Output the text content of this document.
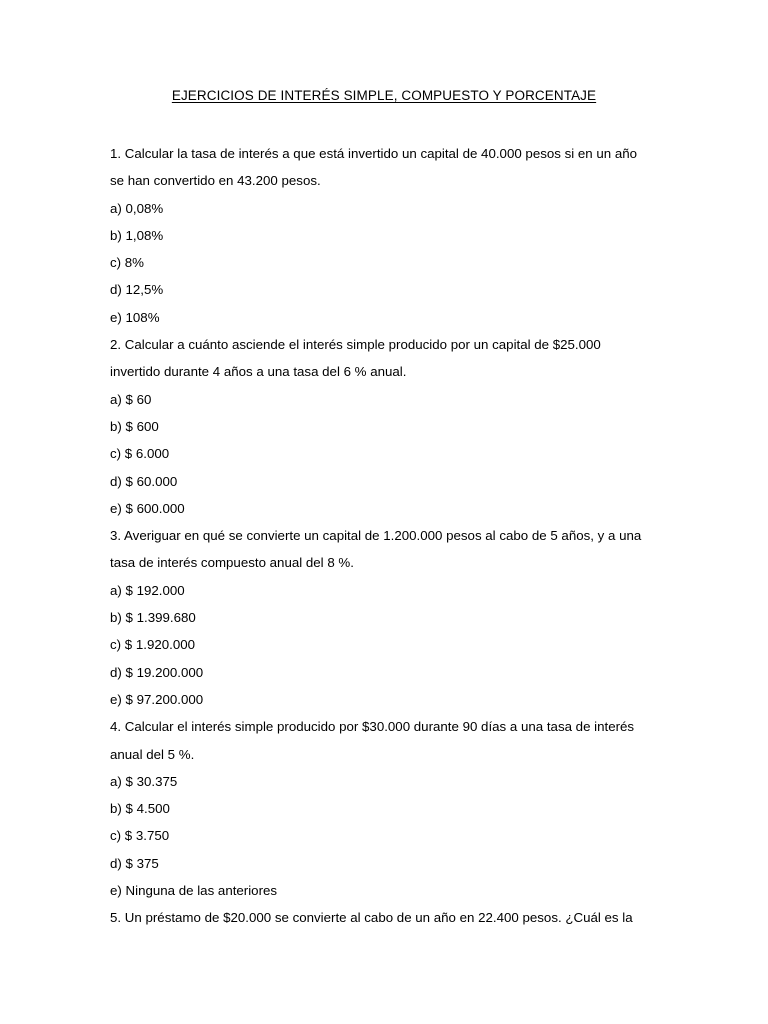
EJERCICIOS DE INTERÉS SIMPLE, COMPUESTO Y PORCENTAJE
1. Calcular la tasa de interés a que está invertido un capital de 40.000 pesos si en un año
se han convertido en 43.200 pesos.
a) 0,08%
b) 1,08%
c) 8%
d) 12,5%
e) 108%
2. Calcular a cuánto asciende el interés simple producido por un capital de $25.000
invertido durante 4 años a una tasa del 6 % anual.
a) $ 60
b) $ 600
c) $ 6.000
d) $ 60.000
e) $ 600.000
3. Averiguar en qué se convierte un capital de 1.200.000 pesos al cabo de 5 años, y a una
tasa de interés compuesto anual del 8 %.
a) $ 192.000
b) $ 1.399.680
c) $ 1.920.000
d) $ 19.200.000
e) $ 97.200.000
4. Calcular el interés simple producido por $30.000 durante 90 días a una tasa de interés
anual del 5 %.
a) $ 30.375
b) $ 4.500
c) $ 3.750
d) $ 375
e) Ninguna de las anteriores
5. Un préstamo de $20.000 se convierte al cabo de un año en 22.400 pesos. ¿Cuál es la
